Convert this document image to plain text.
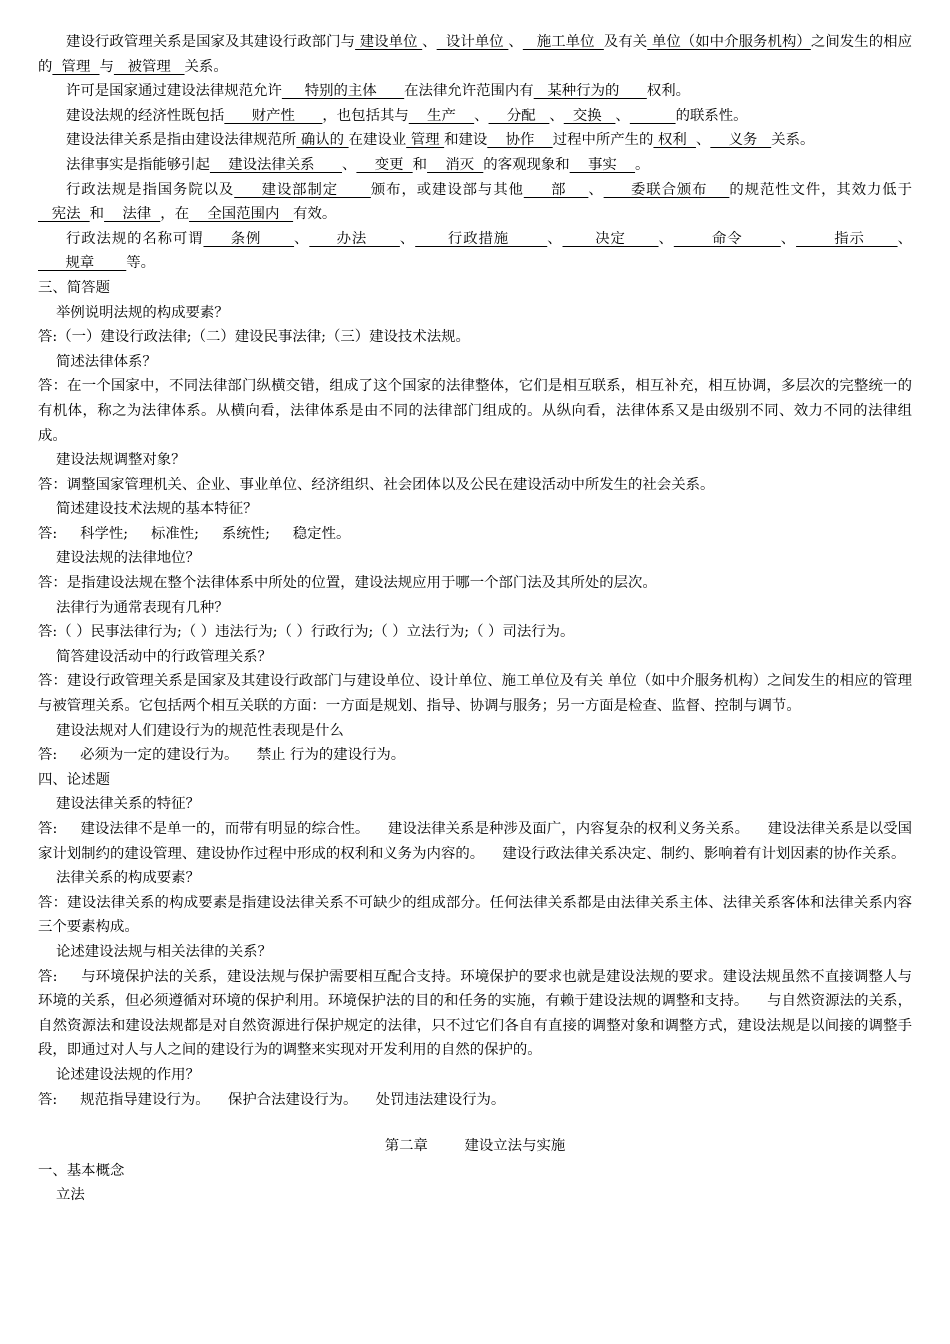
建设行政管理关系是国家及其建设行政部门与 建设单位 、  设计单位 、   施工单位  及有关 单位（如中介服务机构）之间发生的相应的  管理  与   被管理   关系。

许可是国家通过建设法律规范允许     特别的主体      在法律允许范围内有   某种行为的      权利。

建设法规的经济性既包括      财产性      ，也包括其与    生产    、    分配   、  交换   、	的联系性。

建设法律关系是指由建设法律规范所 确认的 在建设业 管理 和建设    协作    过程中所产生的 权利  、    义务   关系。

法律事实是指能够引起    建设法律关系      、    变更  和    消灭  的客观现象和    事实    。

行政法规是指国务院以及     建设部制定      颁布，或建设部与其他     部    、     委联合颁布    的规范性文件，其效力低于   宪法  和    法律  ，在    全国范围内   有效。

行政法规的名称可谓     条例      、     办法      、      行政措施       、      决定      、       命令       、       指示      、      规章       等。

三、简答题

举例说明法规的构成要素？

答:（一）建设行政法律;（二）建设民事法律;（三）建设技术法规。

简述法律体系？

答：在一个国家中，不同法律部门纵横交错，组成了这个国家的法律整体，它们是相互联系，相互补充，相互协调，多层次的完整统一的有机体，称之为法律体系。从横向看，法律体系是由不同的法律部门组成的。从纵向看，法律体系又是由级别不同、效力不同的法律组成。

建设法规调整对象？

答：调整国家管理机关、企业、事业单位、经济组织、社会团体以及公民在建设活动中所发生的社会关系。

简述建设技术法规的基本特征？

答:     科学性;     标准性;     系统性;     稳定性。

建设法规的法律地位？

答：是指建设法规在整个法律体系中所处的位置，建设法规应用于哪一个部门法及其所处的层次。

法律行为通常表现有几种？

答:（ ）民事法律行为;（ ）违法行为;（ ）行政行为;（ ）立法行为;（ ）司法行为。

简答建设活动中的行政管理关系？

答：建设行政管理关系是国家及其建设行政部门与建设单位、设计单位、施工单位及有关 单位（如中介服务机构）之间发生的相应的管理与被管理关系。它包括两个相互关联的方面：一方面是规划、指导、协调与服务；另一方面是检查、监督、控制与调节。

建设法规对人们建设行为的规范性表现是什么

答:     必须为一定的建设行为。    禁止 行为的建设行为。

四、论述题

建设法律关系的特征？

答:     建设法律不是单一的，而带有明显的综合性。    建设法律关系是种涉及面广，内容复杂的权利义务关系。    建设法律关系是以受国家计划制约的建设管理、建设协作过程中形成的权利和义务为内容的。    建设行政法律关系决定、制约、影响着有计划因素的协作关系。

法律关系的构成要素？

答：建设法律关系的构成要素是指建设法律关系不可缺少的组成部分。任何法律关系都是由法律关系主体、法律关系客体和法律关系内容三个要素构成。

论述建设法规与相关法律的关系？

答:     与环境保护法的关系，建设法规与保护需要相互配合支持。环境保护的要求也就是建设法规的要求。建设法规虽然不直接调整人与环境的关系，但必须遵循对环境的保护利用。环境保护法的目的和任务的实施，有赖于建设法规的调整和支持。    与自然资源法的关系，自然资源法和建设法规都是对自然资源进行保护规定的法律，只不过它们各自有直接的调整对象和调整方式，建设法规是以间接的调整手段，即通过对人与人之间的建设行为的调整来实现对开发利用的自然的保护的。

论述建设法规的作用？

答:     规范指导建设行为。    保护合法建设行为。    处罚违法建设行为。

第二章        建设立法与实施

一、基本概念

立法
